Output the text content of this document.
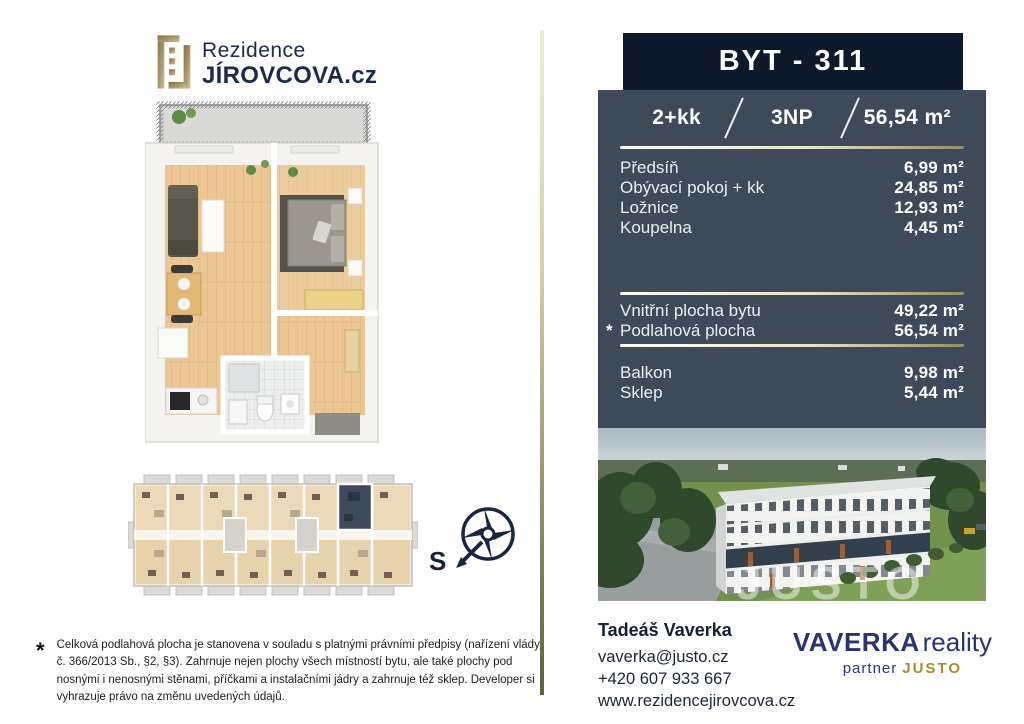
Rezidence
JÍROVCOVA.cz
S
BYT - 311
2+kk	3NP	56,54 m²
Předsíň	6,99 m²
Obývací pokoj + kk	24,85 m²
Ložnice	12,93 m²
Koupelna	4,45 m²
Vnitřní plocha bytu	49,22 m²
* Podlahová plocha	56,54 m²
Balkon	9,98 m²
Sklep	5,44 m²
JUSTO
* Celková podlahová plocha je stanovena v souladu s platnými právními předpisy (nařízení vlády č. 366/2013 Sb., §2, §3). Zahrnuje nejen plochy všech místností bytu, ale také plochy pod nosnými i nenosnými stěnami, příčkami a instalačními jádry a zahrnuje též sklep. Developer si vyhrazuje právo na změnu uvedených údajů.
Tadeáš Vaverka
vaverka@justo.cz
+420 607 933 667
www.rezidencejirovcova.cz
VAVERKA reality
partner JUSTO
